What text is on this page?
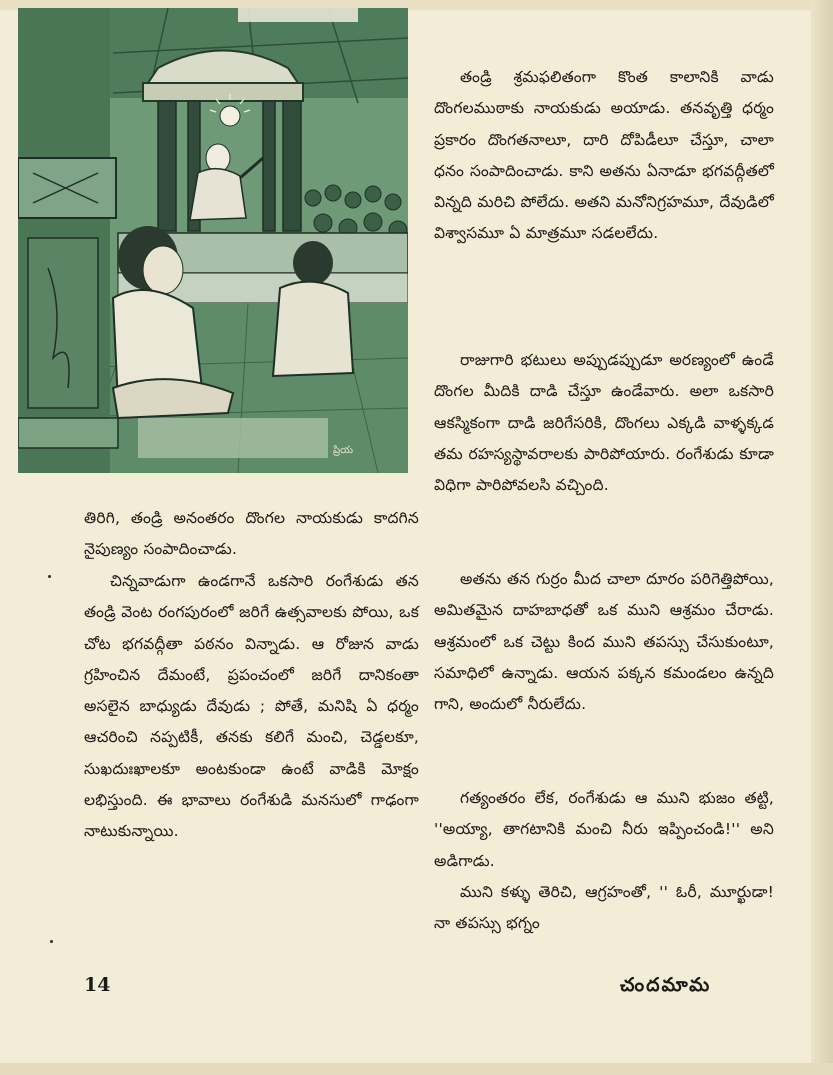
ప్రియ
తిరిగి, తండ్రి అనంతరం దొంగల నాయకుడు కాదగిన నైపుణ్యం సంపాదించాడు.
చిన్నవాడుగా ఉండగానే ఒకసారి రంగేశుడు తన తండ్రి వెంట రంగపురంలో జరిగే ఉత్సవాలకు పోయి, ఒక చోట భగవద్గీతా పఠనం విన్నాడు. ఆ రోజున వాడు గ్రహించిన దేమంటే, ప్రపంచంలో జరిగే దానికంతా అసలైన బాధ్యుడు దేవుడు ; పోతే, మనిషి ఏ ధర్మం ఆచరించి నప్పటికీ, తనకు కలిగే మంచి, చెడ్డలకూ, సుఖదుఃఖాలకూ అంటకుండా ఉంటే వాడికి మోక్షం లభిస్తుంది. ఈ భావాలు రంగేశుడి మనసులో గాఢంగా నాటుకున్నాయి.
తండ్రి శ్రమఫలితంగా కొంత కాలానికి వాడు దొంగలముఠాకు నాయకుడు అయాడు. తనవృత్తి ధర్మం ప్రకారం దొంగతనాలూ, దారి దోపిడీలూ చేస్తూ, చాలా ధనం సంపాదించాడు. కాని అతను ఏనాడూ భగవద్గీతలో విన్నది మరిచి పోలేదు. అతని మనోనిగ్రహమూ, దేవుడిలో విశ్వాసమూ ఏ మాత్రమూ సడలలేదు.
రాజుగారి భటులు అప్పుడప్పుడూ అరణ్యంలో ఉండే దొంగల మీదికి దాడి చేస్తూ ఉండేవారు. అలా ఒకసారి ఆకస్మికంగా దాడి జరిగేసరికి, దొంగలు ఎక్కడి వాళ్ళక్కడ తమ రహస్యస్థావరాలకు పారిపోయారు. రంగేశుడు కూడా విధిగా పారిపోవలసి వచ్చింది.
అతను తన గుర్రం మీద చాలా దూరం పరిగెత్తిపోయి, అమితమైన దాహబాధతో ఒక ముని ఆశ్రమం చేరాడు. ఆశ్రమంలో ఒక చెట్టు కింద ముని తపస్సు చేసుకుంటూ, సమాధిలో ఉన్నాడు. ఆయన పక్కన కమండలం ఉన్నది గాని, అందులో నీరులేదు.
గత్యంతరం లేక, రంగేశుడు ఆ ముని భుజం తట్టి, ''అయ్యా, తాగటానికి మంచి నీరు ఇప్పించండి!'' అని అడిగాడు.
ముని కళ్ళు తెరిచి, ఆగ్రహంతో, '' ఓరీ, మూర్ఖుడా! నా తపస్సు భగ్నం
14	చందమామ
